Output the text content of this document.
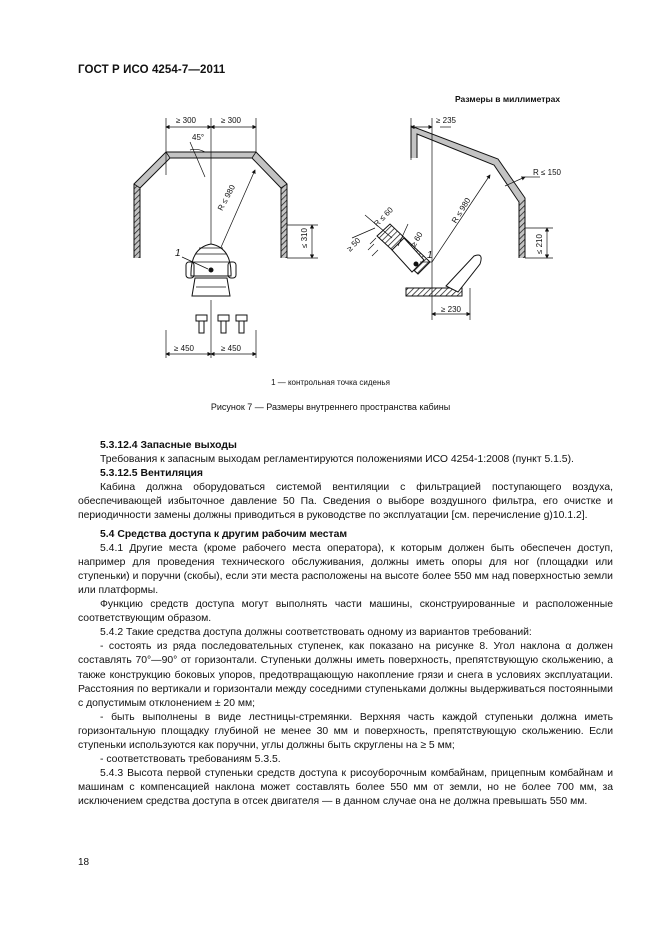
ГОСТ Р ИСО 4254-7—2011
Размеры в миллиметрах
≥ 300	≥ 300
45°
R ≤ 980
≤ 310
1
≥ 450	≥ 450
≥ 235
R ≤ 150
R ≤ 980
R ≤ 60
≥ 50	≥ 60	≤ 210
1
≥ 230
1 — контрольная точка сиденья
Рисунок 7 — Размеры внутреннего пространства кабины

5.3.12.4 Запасные выходы

Требования к запасным выходам регламентируются положениями ИСО 4254-1:2008 (пункт 5.1.5).

5.3.12.5 Вентиляция

Кабина должна оборудоваться системой вентиляции с фильтрацией поступающего воздуха, обеспечивающей избыточное давление 50 Па. Сведения о выборе воздушного фильтра, его очистке и периодичности замены должны приводиться в руководстве по эксплуатации [см. перечисление g)10.1.2].

5.4 Средства доступа к другим рабочим местам

5.4.1 Другие места (кроме рабочего места оператора), к которым должен быть обеспечен доступ, например для проведения технического обслуживания, должны иметь опоры для ног (площадки или ступеньки) и поручни (скобы), если эти места расположены на высоте более 550 мм над поверхностью земли или платформы.

Функцию средств доступа могут выполнять части машины, сконструированные и расположенные соответствующим образом.

5.4.2 Такие средства доступа должны соответствовать одному из вариантов требований:

- состоять из ряда последовательных ступенек, как показано на рисунке 8. Угол наклона α должен составлять 70°—90° от горизонтали. Ступеньки должны иметь поверхность, препятствующую скольжению, а также конструкцию боковых упоров, предотвращающую накопление грязи и снега в условиях эксплуатации. Расстояния по вертикали и горизонтали между соседними ступеньками должны выдерживаться постоянными с допустимым отклонением ± 20 мм;

- быть выполнены в виде лестницы-стремянки. Верхняя часть каждой ступеньки должна иметь горизонтальную площадку глубиной не менее 30 мм и поверхность, препятствующую скольжению. Если ступеньки используются как поручни, углы должны быть скруглены на ≥ 5 мм;

- соответствовать требованиям 5.3.5.

5.4.3 Высота первой ступеньки средств доступа к рисоуборочным комбайнам, прицепным комбайнам и машинам с компенсацией наклона может составлять более 550 мм от земли, но не более 700 мм, за исключением средства доступа в отсек двигателя — в данном случае она не должна превышать 550 мм.

18
